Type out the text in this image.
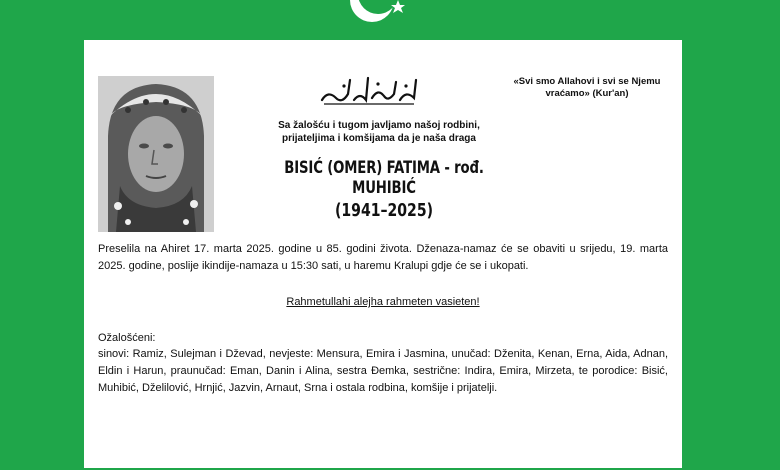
«Svi smo Allahovi i svi se Njemu vraćamo» (Kur'an)
Sa žalošću i tugom javljamo našoj rodbini, prijateljima i komšijama da je naša draga
BISIĆ (OMER) FATIMA - rođ. MUHIBIĆ
(1941–2025)
Preselila na Ahiret 17. marta 2025. godine u 85. godini života. Dženaza-namaz će se obaviti u srijedu, 19. marta 2025. godine, poslije ikindije-namaza u 15:30 sati, u haremu Kralupi gdje će se i ukopati.
Rahmetullahi alejha rahmeten vasieten!
Ožalošćeni:
sinovi: Ramiz, Sulejman i Dževad, nevjeste: Mensura, Emira i Jasmina, unučad: Dženita, Kenan, Erna, Aida, Adnan, Eldin i Harun, praunučad: Eman, Danin i Alina, sestra Đemka, sestrične: Indira, Emira, Mirzeta, te porodice: Bisić, Muhibić, Dželilović, Hrnjić, Jazvin, Arnaut, Srna i ostala rodbina, komšije i prijatelji.
